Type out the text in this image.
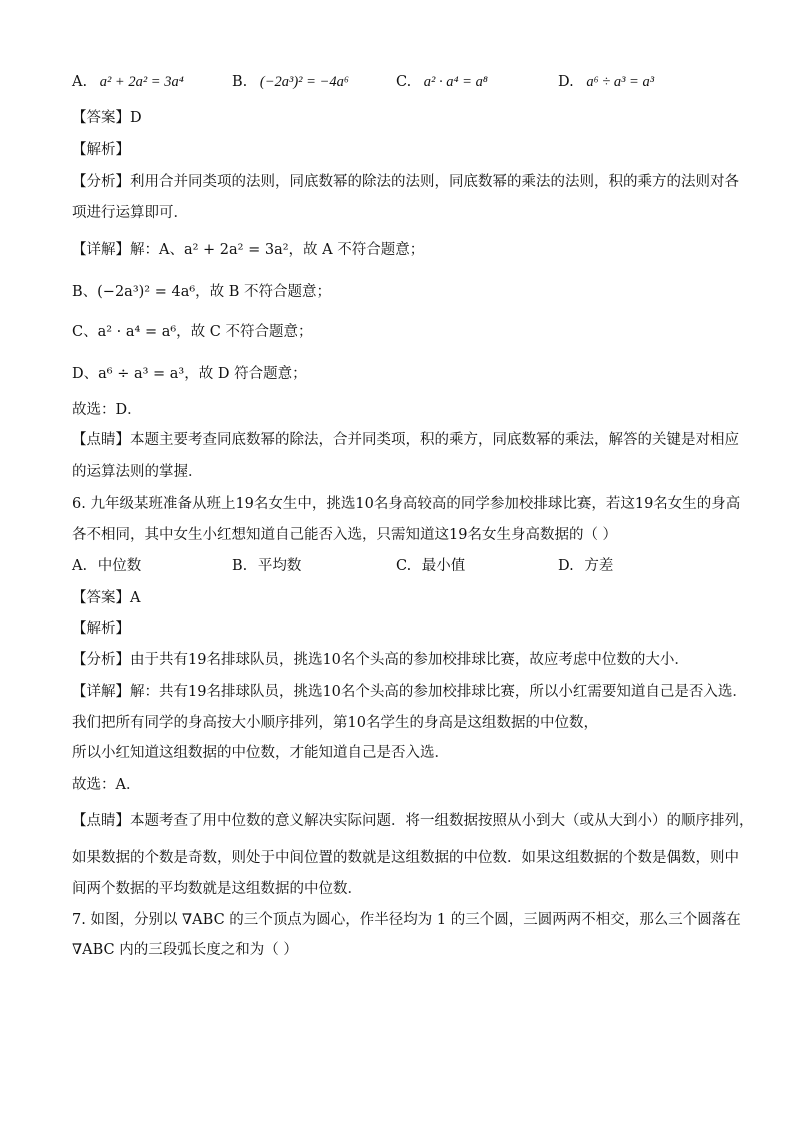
A. a² + 2a² = 3a⁴	B. (−2a³)² = −4a⁶	C. a² · a⁴ = a⁸	D. a⁶ ÷ a³ = a³
【答案】D
【解析】
【分析】利用合并同类项的法则，同底数幂的除法的法则，同底数幂的乘法的法则，积的乘方的法则对各
项进行运算即可．
【详解】解：A、a² + 2a² = 3a²，故 A 不符合题意；
B、(−2a³)² = 4a⁶，故 B 不符合题意；
C、a² · a⁴ = a⁶，故 C 不符合题意；
D、a⁶ ÷ a³ = a³，故 D 符合题意；
故选：D．
【点睛】本题主要考查同底数幂的除法，合并同类项，积的乘方，同底数幂的乘法，解答的关键是对相应
的运算法则的掌握．
6. 九年级某班准备从班上19名女生中，挑选10名身高较高的同学参加校排球比赛，若这19名女生的身高
各不相同，其中女生小红想知道自己能否入选，只需知道这19名女生身高数据的（ ）
A. 中位数	B. 平均数	C. 最小值	D. 方差
【答案】A
【解析】
【分析】由于共有19名排球队员，挑选10名个头高的参加校排球比赛，故应考虑中位数的大小．
【详解】解：共有19名排球队员，挑选10名个头高的参加校排球比赛，所以小红需要知道自己是否入选．
我们把所有同学的身高按大小顺序排列，第10名学生的身高是这组数据的中位数，
所以小红知道这组数据的中位数，才能知道自己是否入选．
故选：A．
【点睛】本题考查了用中位数的意义解决实际问题．将一组数据按照从小到大（或从大到小）的顺序排列，
如果数据的个数是奇数，则处于中间位置的数就是这组数据的中位数．如果这组数据的个数是偶数，则中
间两个数据的平均数就是这组数据的中位数．
7. 如图，分别以 ∇ABC 的三个顶点为圆心，作半径均为 1 的三个圆，三圆两两不相交，那么三个圆落在
∇ABC 内的三段弧长度之和为（ ）
